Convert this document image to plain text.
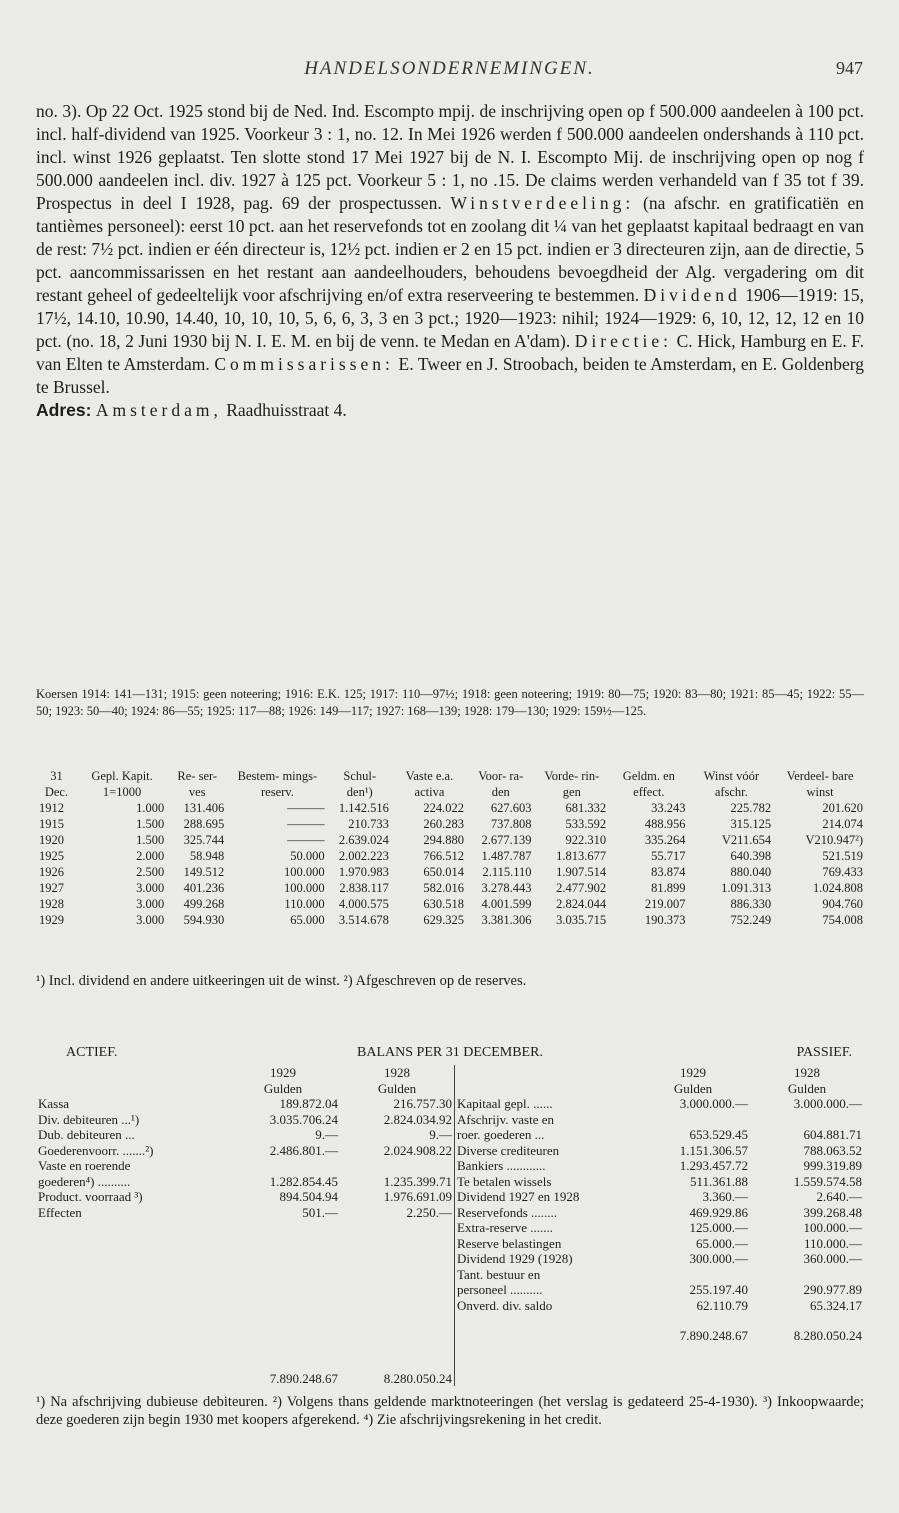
HANDELSONDERNEMINGEN.	947

no. 3). Op 22 Oct. 1925 stond bij de Ned. Ind. Escompto mpij. de inschrijving open op f 500.000 aandeelen à 100 pct. incl. half-dividend van 1925. Voorkeur 3 : 1, no. 12. In Mei 1926 werden f 500.000 aandeelen ondershands à 110 pct. incl. winst 1926 geplaatst. Ten slotte stond 17 Mei 1927 bij de N. I. Escompto Mij. de inschrijving open op nog f 500.000 aandeelen incl. div. 1927 à 125 pct. Voorkeur 5 : 1, no .15. De claims werden verhandeld van f 35 tot f 39. Prospectus in deel I 1928, pag. 69 der prospectussen. Winstverdeeling: (na afschr. en gratificatiën en tantièmes personeel): eerst 10 pct. aan het reservefonds tot en zoolang dit ¼ van het geplaatst kapitaal bedraagt en van de rest: 7½ pct. indien er één directeur is, 12½ pct. indien er 2 en 15 pct. indien er 3 directeuren zijn, aan de directie, 5 pct. aancommissarissen en het restant aan aandeelhouders, behoudens bevoegdheid der Alg. vergadering om dit restant geheel of gedeeltelijk voor afschrijving en/of extra reserveering te bestemmen. Dividend 1906—1919: 15, 17½, 14.10, 10.90, 14.40, 10, 10, 10, 5, 6, 6, 3, 3 en 3 pct.; 1920—1923: nihil; 1924—1929: 6, 10, 12, 12, 12 en 10 pct. (no. 18, 2 Juni 1930 bij N. I. E. M. en bij de venn. te Medan en A'dam). Directie: C. Hick, Hamburg en E. F. van Elten te Amsterdam. Commissarissen: E. Tweer en J. Stroobach, beiden te Amsterdam, en E. Goldenberg te Brussel.

Adres: Amsterdam, Raadhuisstraat 4.

Koersen 1914: 141—131; 1915: geen noteering; 1916: E.K. 125; 1917: 110—97½; 1918: geen noteering; 1919: 80—75; 1920: 83—80; 1921: 85—45; 1922: 55—50; 1923: 50—40; 1924: 86—55; 1925: 117—88; 1926: 149—117; 1927: 168—139; 1928: 179—130; 1929: 159½—125.

31 Dec.	Gepl. Kapit. 1=1000	Re- ser- ves	Bestem- mings- reserv.	Schul- den¹)	Vaste e.a. activa	Voor- ra- den	Vorde- rin- gen	Geldm. en effect.	Winst vóór afschr.	Verdeel- bare winst
1912	1.000	131.406	———	1.142.516	224.022	627.603	681.332	33.243	225.782	201.620
1915	1.500	288.695	———	210.733	260.283	737.808	533.592	488.956	315.125	214.074
1920	1.500	325.744	———	2.639.024	294.880	2.677.139	922.310	335.264	V211.654	V210.947²)
1925	2.000	58.948	50.000	2.002.223	766.512	1.487.787	1.813.677	55.717	640.398	521.519
1926	2.500	149.512	100.000	1.970.983	650.014	2.115.110	1.907.514	83.874	880.040	769.433
1927	3.000	401.236	100.000	2.838.117	582.016	3.278.443	2.477.902	81.899	1.091.313	1.024.808
1928	3.000	499.268	110.000	4.000.575	630.518	4.001.599	2.824.044	219.007	886.330	904.760
1929	3.000	594.930	65.000	3.514.678	629.325	3.381.306	3.035.715	190.373	752.249	754.008

¹) Incl. dividend en andere uitkeeringen uit de winst. ²) Afgeschreven op de reserves.

ACTIEF.	BALANS PER 31 DECEMBER.	PASSIEF.
	1929	1928
	Gulden	Gulden
Kassa	189.872.04	216.757.30
Div. debiteuren ...¹)	3.035.706.24	2.824.034.92
Dub. debiteuren ...	9.—	9.—
Goederenvoorr. .......²)	2.486.801.—	2.024.908.22
Vaste en roerende		
goederen⁴) ..........	1.282.854.45	1.235.399.71
Product. voorraad ³)	894.504.94	1.976.691.09
Effecten	501.—	2.250.—
	7.890.248.67	8.280.050.24
	1929	1928
	Gulden	Gulden
Kapitaal gepl. ......	3.000.000.—	3.000.000.—
Afschrijv. vaste en		
roer. goederen ...	653.529.45	604.881.71
Diverse crediteuren	1.151.306.57	788.063.52
Bankiers ............	1.293.457.72	999.319.89
Te betalen wissels	511.361.88	1.559.574.58
Dividend 1927 en 1928	3.360.—	2.640.—
Reservefonds ........	469.929.86	399.268.48
Extra-reserve .......	125.000.—	100.000.—
Reserve belastingen	65.000.—	110.000.—
Dividend 1929 (1928)	300.000.—	360.000.—
Tant. bestuur en		
personeel ..........	255.197.40	290.977.89
Onverd. div. saldo	62.110.79	65.324.17
	7.890.248.67	8.280.050.24

¹) Na afschrijving dubieuse debiteuren. ²) Volgens thans geldende marktnoteeringen (het verslag is gedateerd 25-4-1930). ³) Inkoopwaarde; deze goederen zijn begin 1930 met koopers afgerekend. ⁴) Zie afschrijvingsrekening in het credit.
